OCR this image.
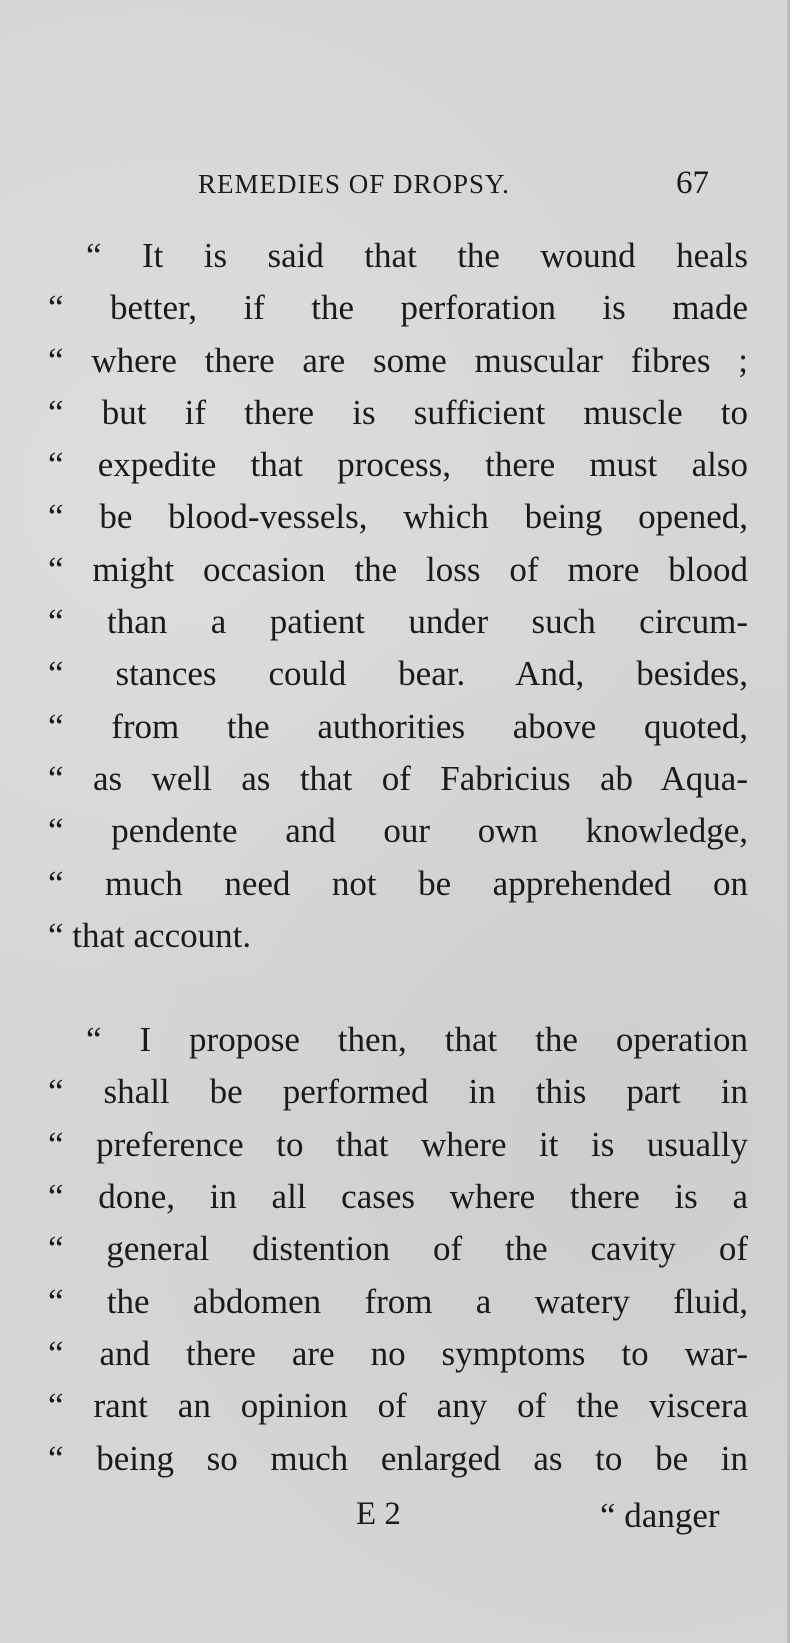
REMEDIES OF DROPSY.	67
“ It is said that the wound heals
“ better, if the perforation is made
“ where there are some muscular fibres ;
“ but if there is sufficient muscle to
“ expedite that process, there must also
“ be blood-vessels, which being opened,
“ might occasion the loss of more blood
“ than a patient under such circum-
“ stances could bear. And, besides,
“ from the authorities above quoted,
“ as well as that of Fabricius ab Aqua-
“ pendente and our own knowledge,
“ much need not be apprehended on
“ that account.
“ I propose then, that the operation
“ shall be performed in this part in
“ preference to that where it is usually
“ done, in all cases where there is a
“ general distention of the cavity of
“ the abdomen from a watery fluid,
“ and there are no symptoms to war-
“ rant an opinion of any of the viscera
“ being so much enlarged as to be in
E 2	“ danger
